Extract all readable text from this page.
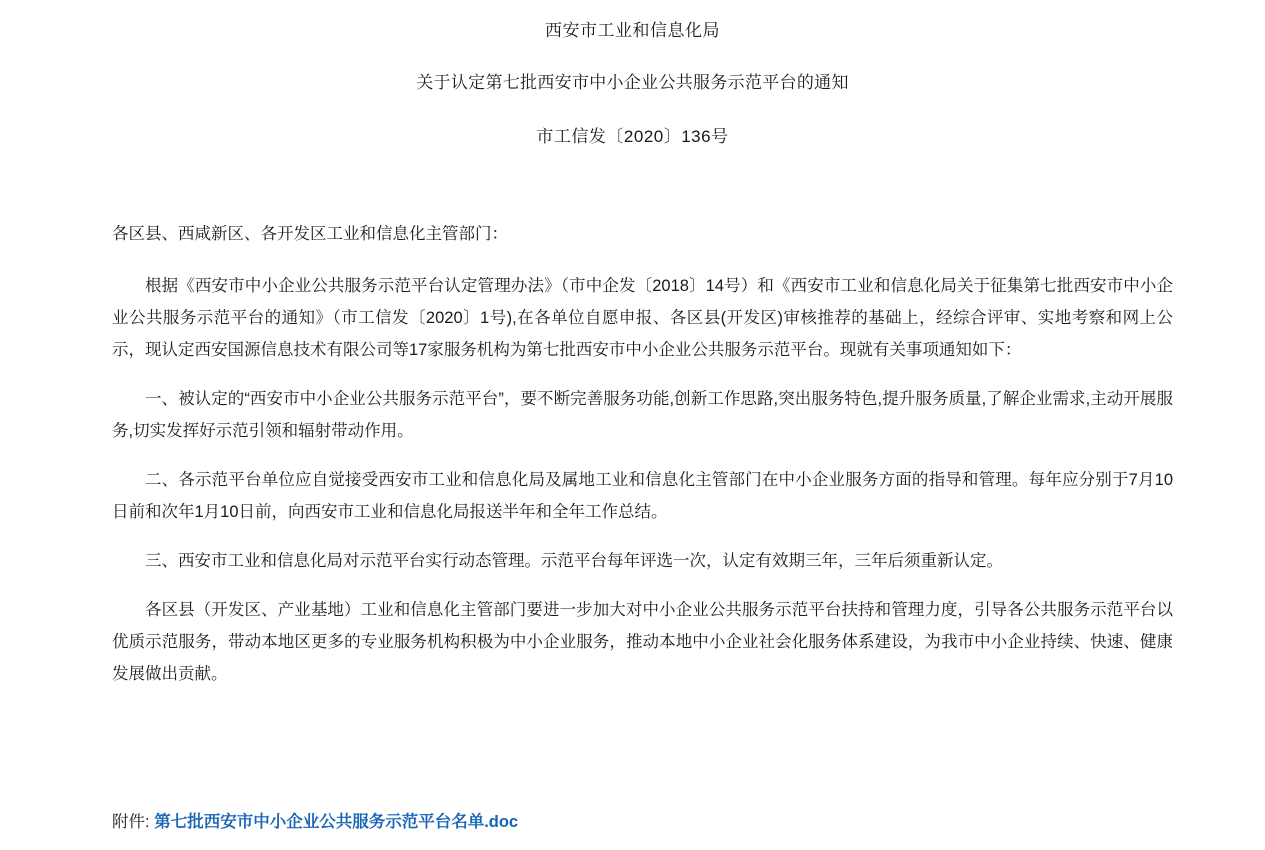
西安市工业和信息化局
关于认定第七批西安市中小企业公共服务示范平台的通知
市工信发〔2020〕136号

各区县、西咸新区、各开发区工业和信息化主管部门：

根据《西安市中小企业公共服务示范平台认定管理办法》（市中企发〔2018〕14号）和《西安市工业和信息化局关于征集第七批西安市中小企业公共服务示范平台的通知》（市工信发〔2020〕1号),在各单位自愿申报、各区县(开发区)审核推荐的基础上，经综合评审、实地考察和网上公示，现认定西安国源信息技术有限公司等17家服务机构为第七批西安市中小企业公共服务示范平台。现就有关事项通知如下：

一、被认定的“西安市中小企业公共服务示范平台”，要不断完善服务功能,创新工作思路,突出服务特色,提升服务质量,了解企业需求,主动开展服务,切实发挥好示范引领和辐射带动作用。

二、各示范平台单位应自觉接受西安市工业和信息化局及属地工业和信息化主管部门在中小企业服务方面的指导和管理。每年应分别于7月10日前和次年1月10日前，向西安市工业和信息化局报送半年和全年工作总结。

三、西安市工业和信息化局对示范平台实行动态管理。示范平台每年评选一次，认定有效期三年，三年后须重新认定。

各区县（开发区、产业基地）工业和信息化主管部门要进一步加大对中小企业公共服务示范平台扶持和管理力度，引导各公共服务示范平台以优质示范服务，带动本地区更多的专业服务机构积极为中小企业服务，推动本地中小企业社会化服务体系建设，为我市中小企业持续、快速、健康发展做出贡献。

附件: 第七批西安市中小企业公共服务示范平台名单.doc
